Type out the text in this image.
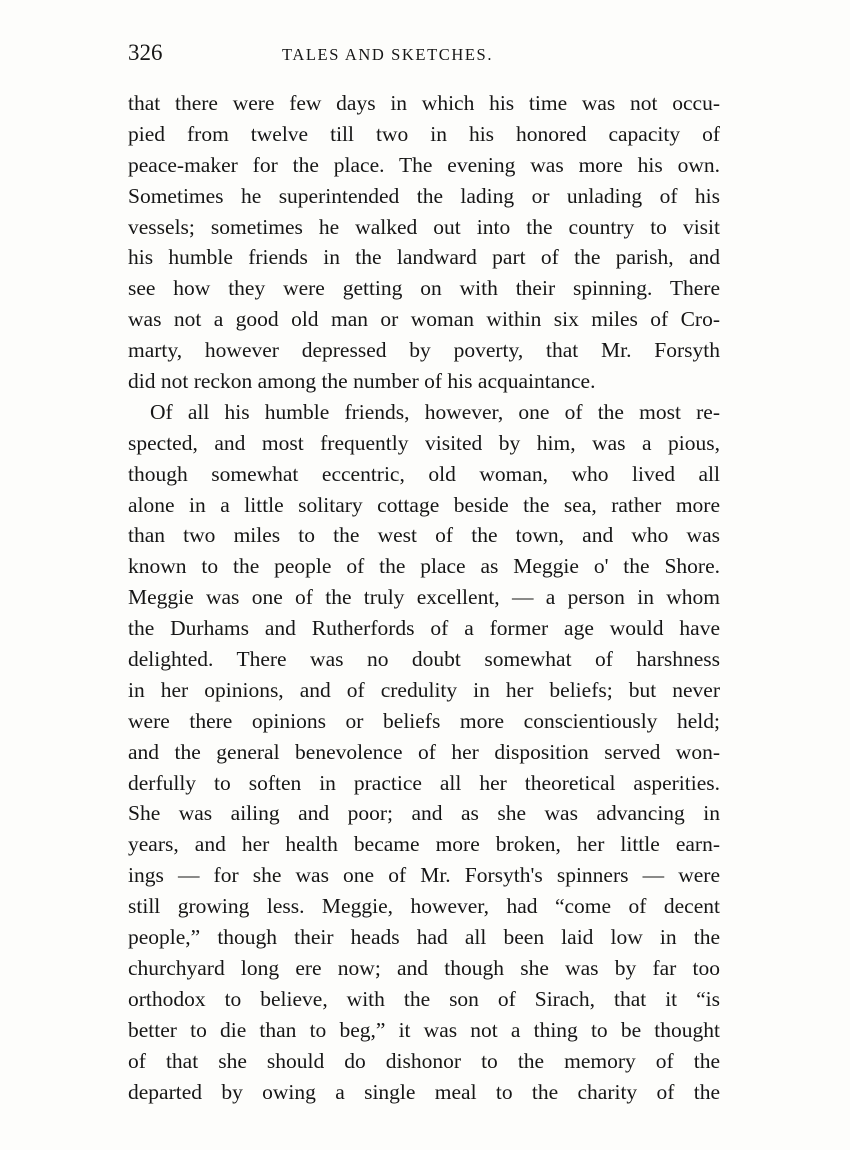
326	TALES AND SKETCHES.
that there were few days in which his time was not occu-
pied from twelve till two in his honored capacity of
peace-maker for the place. The evening was more his own.
Sometimes he superintended the lading or unlading of his
vessels; sometimes he walked out into the country to visit
his humble friends in the landward part of the parish, and
see how they were getting on with their spinning. There
was not a good old man or woman within six miles of Cro-
marty, however depressed by poverty, that Mr. Forsyth
did not reckon among the number of his acquaintance.
Of all his humble friends, however, one of the most re-
spected, and most frequently visited by him, was a pious,
though somewhat eccentric, old woman, who lived all
alone in a little solitary cottage beside the sea, rather more
than two miles to the west of the town, and who was
known to the people of the place as Meggie o' the Shore.
Meggie was one of the truly excellent, — a person in whom
the Durhams and Rutherfords of a former age would have
delighted. There was no doubt somewhat of harshness
in her opinions, and of credulity in her beliefs; but never
were there opinions or beliefs more conscientiously held;
and the general benevolence of her disposition served won-
derfully to soften in practice all her theoretical asperities.
She was ailing and poor; and as she was advancing in
years, and her health became more broken, her little earn-
ings — for she was one of Mr. Forsyth's spinners — were
still growing less. Meggie, however, had “come of decent
people,” though their heads had all been laid low in the
churchyard long ere now; and though she was by far too
orthodox to believe, with the son of Sirach, that it “is
better to die than to beg,” it was not a thing to be thought
of that she should do dishonor to the memory of the
departed by owing a single meal to the charity of the
